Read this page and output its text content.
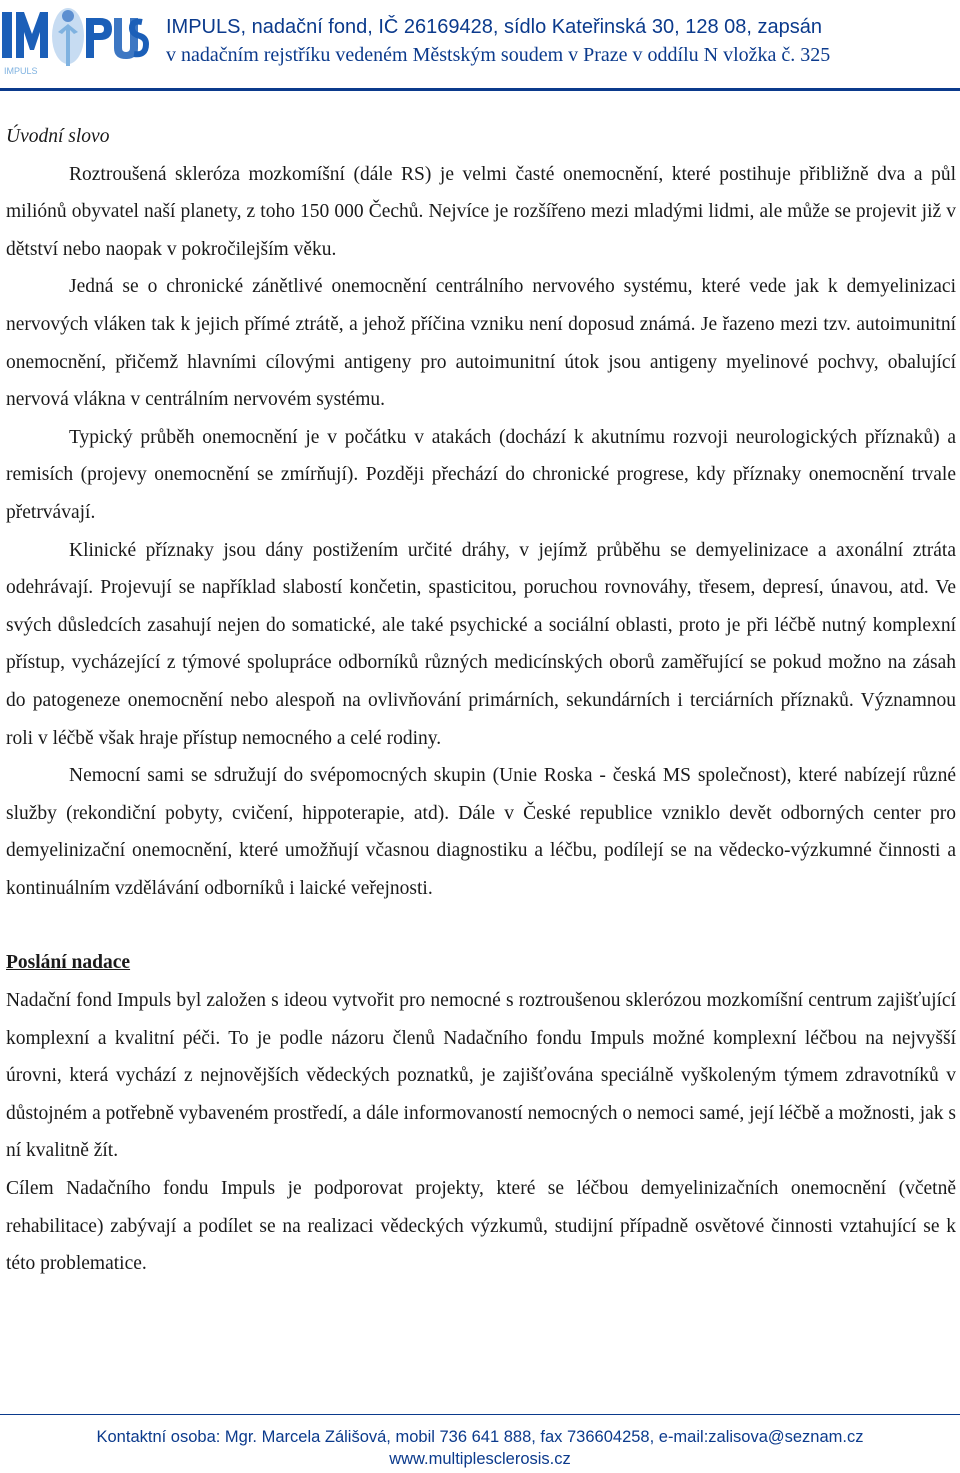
IMPULS
IMPULS, nadační fond, IČ 26169428, sídlo Kateřinská 30, 128 08, zapsán
v nadačním rejstříku vedeném Městským soudem v Praze v oddílu N vložka č. 325
Úvodní slovo

Roztroušená skleróza mozkomíšní (dále RS) je velmi časté onemocnění, které postihuje přibližně dva a půl miliónů obyvatel naší planety, z toho 150 000 Čechů. Nejvíce je rozšířeno mezi mladými lidmi, ale může se projevit již v dětství nebo naopak v pokročilejším věku.

Jedná se o chronické zánětlivé onemocnění centrálního nervového systému, které vede jak k demyelinizaci nervových vláken tak k jejich přímé ztrátě, a jehož příčina vzniku není doposud známá. Je řazeno mezi tzv. autoimunitní onemocnění, přičemž hlavními cílovými antigeny pro autoimunitní útok jsou antigeny myelinové pochvy, obalující nervová vlákna v centrálním nervovém systému.

Typický průběh onemocnění je v počátku v atakách (dochází k akutnímu rozvoji neurologických příznaků) a remisích (projevy onemocnění se zmírňují). Později přechází do chronické progrese, kdy příznaky onemocnění trvale přetrvávají.

Klinické příznaky jsou dány postižením určité dráhy, v jejímž průběhu se demyelinizace a axonální ztráta odehrávají. Projevují se například slabostí končetin, spasticitou, poruchou rovnováhy, třesem, depresí, únavou, atd. Ve svých důsledcích zasahují nejen do somatické, ale také psychické a sociální oblasti, proto je při léčbě nutný komplexní přístup, vycházející z týmové spolupráce odborníků různých medicínských oborů zaměřující se pokud možno na zásah do patogeneze onemocnění nebo alespoň na ovlivňování primárních, sekundárních i terciárních příznaků. Významnou roli v léčbě však hraje přístup nemocného a celé rodiny.

Nemocní sami se sdružují do svépomocných skupin (Unie Roska - česká MS společnost), které nabízejí různé služby (rekondiční pobyty, cvičení, hippoterapie, atd). Dále v České republice vzniklo devět odborných center pro demyelinizační onemocnění, které umožňují včasnou diagnostiku a léčbu, podílejí se na vědecko-výzkumné činnosti a kontinuálním vzdělávání odborníků i laické veřejnosti.

Poslání nadace

Nadační fond Impuls byl založen s ideou vytvořit pro nemocné s roztroušenou sklerózou mozkomíšní centrum zajišťující komplexní a kvalitní péči. To je podle názoru členů Nadačního fondu Impuls možné komplexní léčbou na nejvyšší úrovni, která vychází z nejnovějších vědeckých poznatků, je zajišťována speciálně vyškoleným týmem zdravotníků v důstojném a potřebně vybaveném prostředí, a dále informovaností nemocných o nemoci samé, její léčbě a možnosti, jak s ní kvalitně žít.

Cílem Nadačního fondu Impuls je podporovat projekty, které se léčbou demyelinizačních onemocnění (včetně rehabilitace) zabývají a podílet se na realizaci vědeckých výzkumů, studijní případně osvětové činnosti vztahující se k této problematice.

Kontaktní osoba: Mgr. Marcela Zálišová, mobil 736 641 888, fax 736604258, e-mail:zalisova@seznam.cz
www.multiplesclerosis.cz
